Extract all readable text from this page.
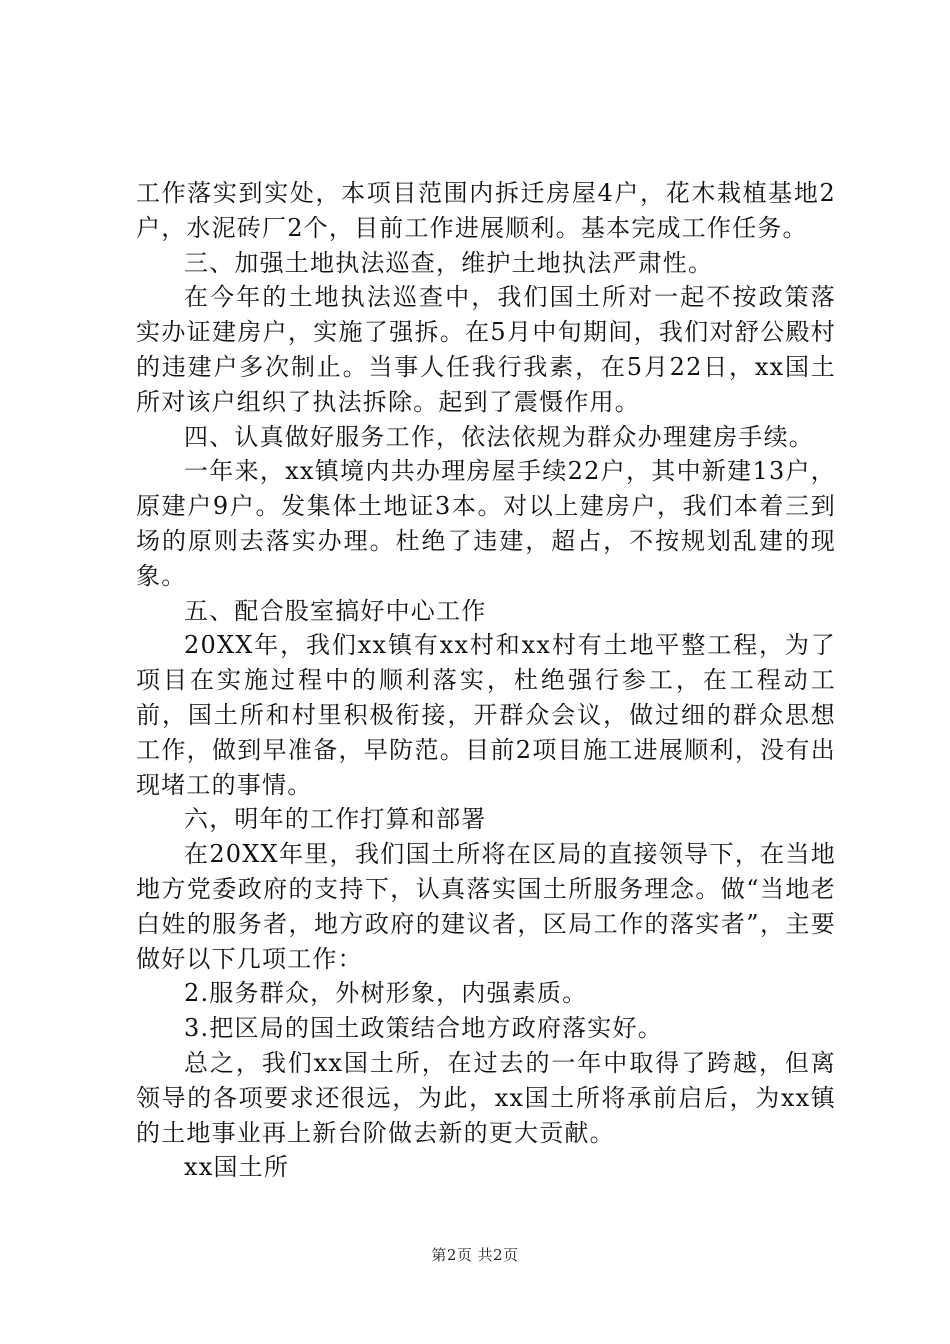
工作落实到实处，本项目范围内拆迁房屋4户，花木栽植基地2户，水泥砖厂2个，目前工作进展顺利。基本完成工作任务。

三、加强土地执法巡查，维护土地执法严肃性。

在今年的土地执法巡查中，我们国土所对一起不按政策落实办证建房户，实施了强拆。在5月中旬期间，我们对舒公殿村的违建户多次制止。当事人任我行我素，在5月22日，xx国土所对该户组织了执法拆除。起到了震慑作用。

四、认真做好服务工作，依法依规为群众办理建房手续。

一年来，xx镇境内共办理房屋手续22户，其中新建13户，原建户9户。发集体土地证3本。对以上建房户，我们本着三到场的原则去落实办理。杜绝了违建，超占，不按规划乱建的现象。

五、配合股室搞好中心工作

20XX年，我们xx镇有xx村和xx村有土地平整工程，为了项目在实施过程中的顺利落实，杜绝强行参工，在工程动工前，国土所和村里积极衔接，开群众会议，做过细的群众思想工作，做到早准备，早防范。目前2项目施工进展顺利，没有出现堵工的事情。

六，明年的工作打算和部署

在20XX年里，我们国土所将在区局的直接领导下，在当地地方党委政府的支持下，认真落实国土所服务理念。做“当地老白姓的服务者，地方政府的建议者，区局工作的落实者”，主要做好以下几项工作：

2.服务群众，外树形象，内强素质。

3.把区局的国土政策结合地方政府落实好。

总之，我们xx国土所，在过去的一年中取得了跨越，但离领导的各项要求还很远，为此，xx国土所将承前启后，为xx镇的土地事业再上新台阶做去新的更大贡献。

xx国土所

第2页 共2页
